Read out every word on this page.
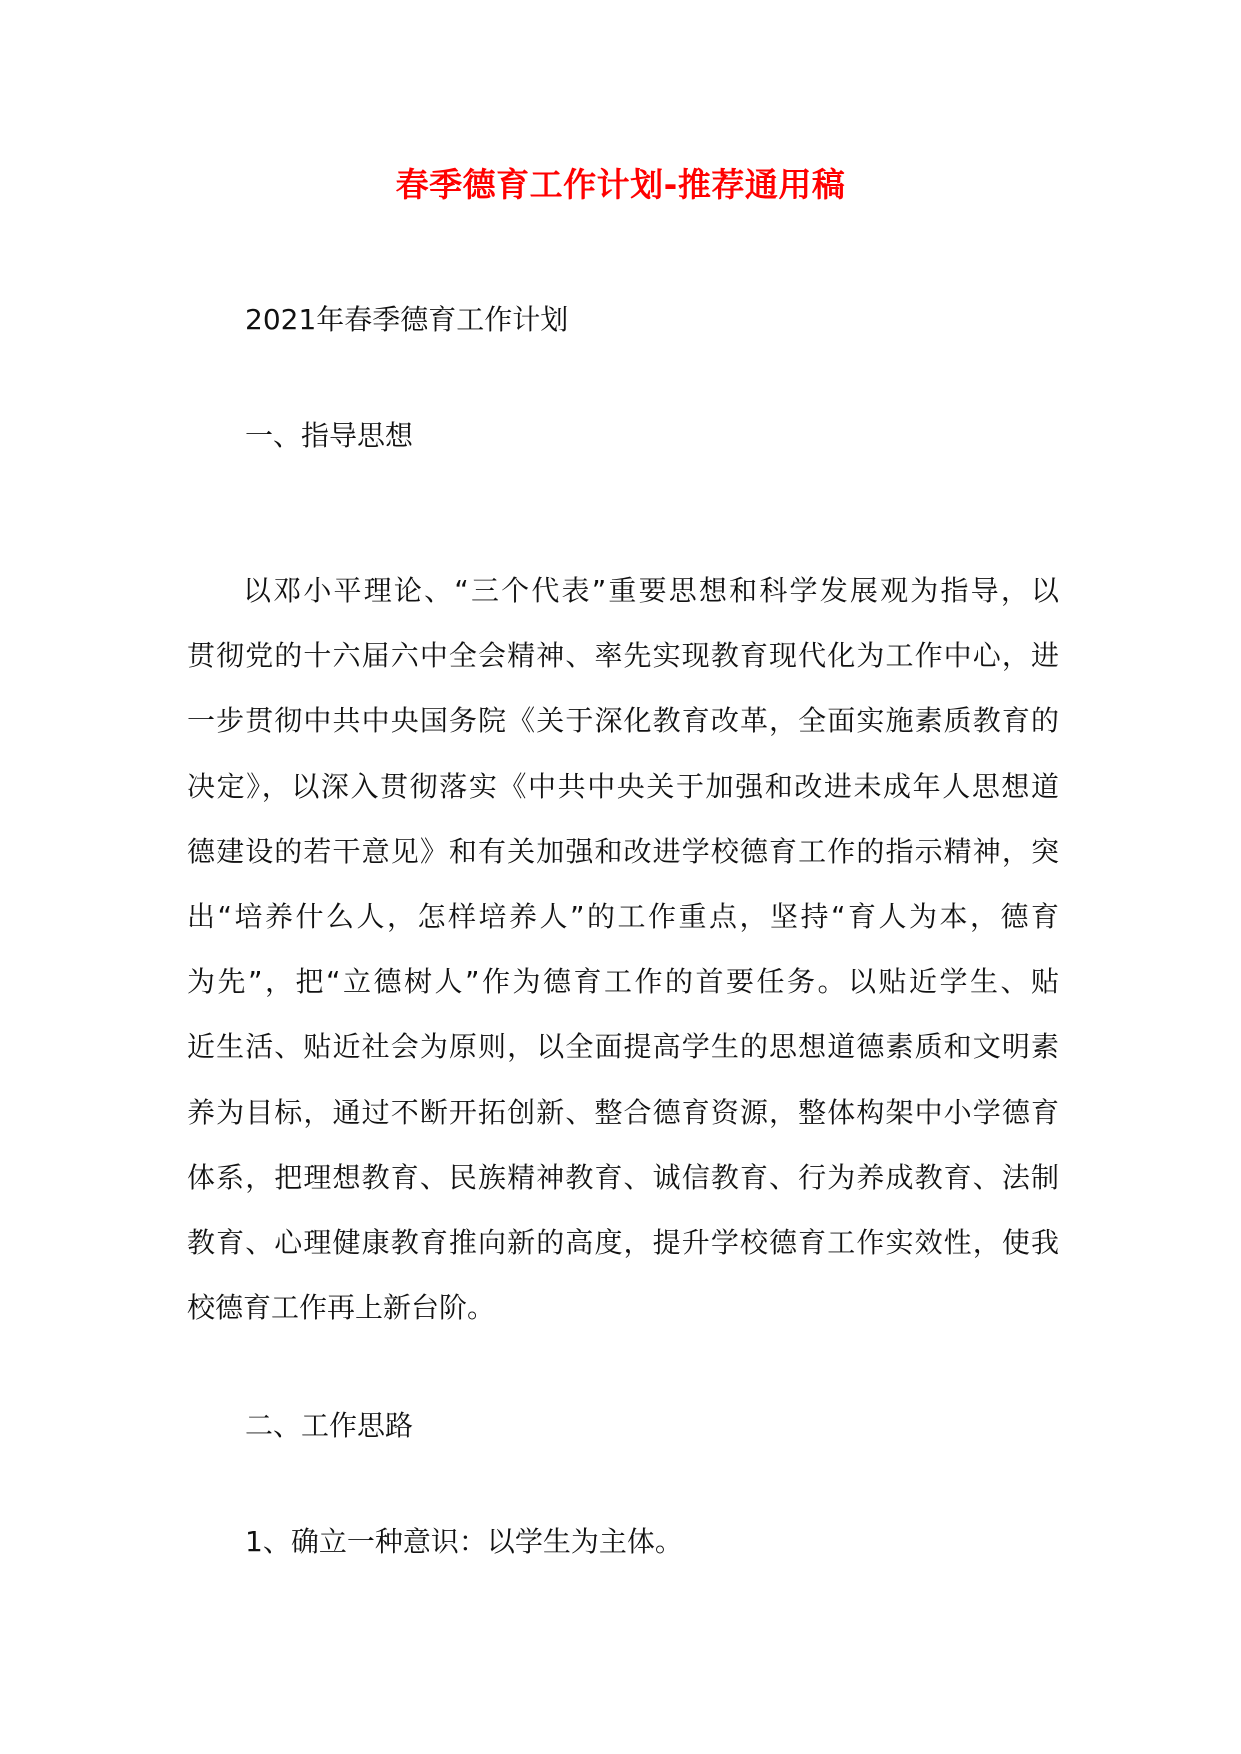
春季德育工作计划-推荐通用稿

2021年春季德育工作计划

一、指导思想

以邓小平理论、“三个代表”重要思想和科学发展观为指导，以
贯彻党的十六届六中全会精神、率先实现教育现代化为工作中心，进
一步贯彻中共中央国务院《关于深化教育改革，全面实施素质教育的
决定》，以深入贯彻落实《中共中央关于加强和改进未成年人思想道
德建设的若干意见》和有关加强和改进学校德育工作的指示精神，突
出“培养什么人，怎样培养人”的工作重点，坚持“育人为本，德育
为先”，把“立德树人”作为德育工作的首要任务。以贴近学生、贴
近生活、贴近社会为原则，以全面提高学生的思想道德素质和文明素
养为目标，通过不断开拓创新、整合德育资源，整体构架中小学德育
体系，把理想教育、民族精神教育、诚信教育、行为养成教育、法制
教育、心理健康教育推向新的高度，提升学校德育工作实效性，使我
校德育工作再上新台阶。

二、工作思路

1、确立一种意识：以学生为主体。
